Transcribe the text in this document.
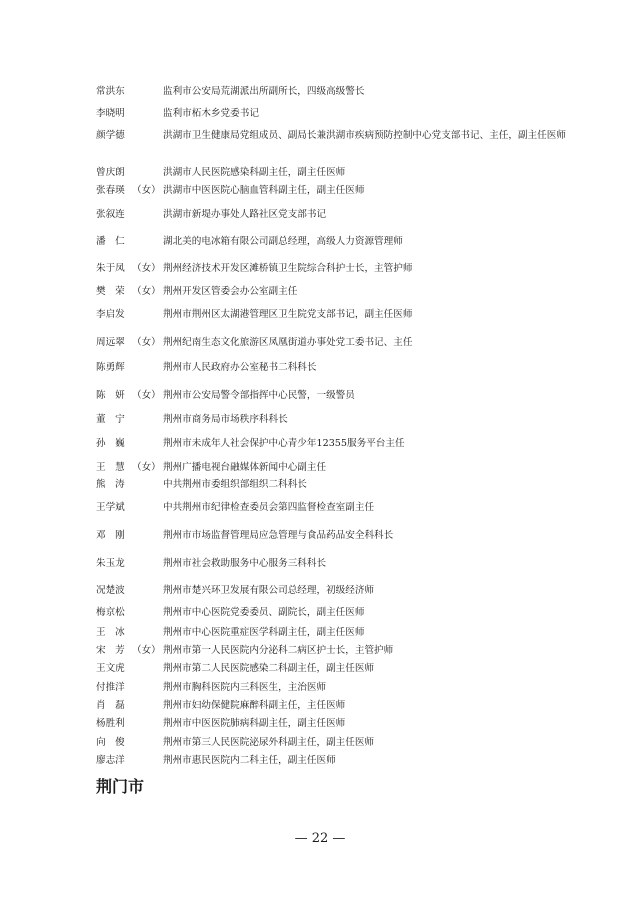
常洪东	监利市公安局荒湖派出所副所长，四级高级警长
李晓明	监利市柘木乡党委书记
颜学德	洪湖市卫生健康局党组成员、副局长兼洪湖市疾病预防控制中心党支部书记、主任，副主任医师
曾庆朗	洪湖市人民医院感染科副主任，副主任医师
张春瑛 （女） 洪湖市中医医院心脑血管科副主任，副主任医师
张叙连	洪湖市新堤办事处人路社区党支部书记
潘　仁	湖北美的电冰箱有限公司副总经理，高级人力资源管理师
朱于凤 （女） 荆州经济技术开发区滩桥镇卫生院综合科护士长，主管护师
樊　荣 （女） 荆州开发区管委会办公室副主任
李启发	荆州市荆州区太湖港管理区卫生院党支部书记，副主任医师
周远翠 （女） 荆州纪南生态文化旅游区凤凰街道办事处党工委书记、主任
陈勇辉	荆州市人民政府办公室秘书二科科长
陈　妍 （女） 荆州市公安局警令部指挥中心民警，一级警员
董　宁	荆州市商务局市场秩序科科长
孙　巍	荆州市未成年人社会保护中心青少年12355服务平台主任
王　慧 （女） 荆州广播电视台融媒体新闻中心副主任
熊　涛	中共荆州市委组织部组织二科科长
王学斌	中共荆州市纪律检查委员会第四监督检查室副主任
邓　刚	荆州市市场监督管理局应急管理与食品药品安全科科长
朱玉龙	荆州市社会救助服务中心服务三科科长
况楚波	荆州市楚兴环卫发展有限公司总经理，初级经济师
梅京松	荆州市中心医院党委委员、副院长，副主任医师
王　冰	荆州市中心医院重症医学科副主任，副主任医师
宋　芳 （女） 荆州市第一人民医院内分泌科二病区护士长，主管护师
王文虎	荆州市第二人民医院感染二科副主任，副主任医师
付推洋	荆州市胸科医院内三科医生，主治医师
肖　磊	荆州市妇幼保健院麻醉科副主任，主任医师
杨胜利	荆州市中医医院肺病科副主任，副主任医师
向　俊	荆州市第三人民医院泌尿外科副主任，副主任医师
廖志洋	荆州市惠民医院内二科主任，副主任医师
荆门市
— 22 —
